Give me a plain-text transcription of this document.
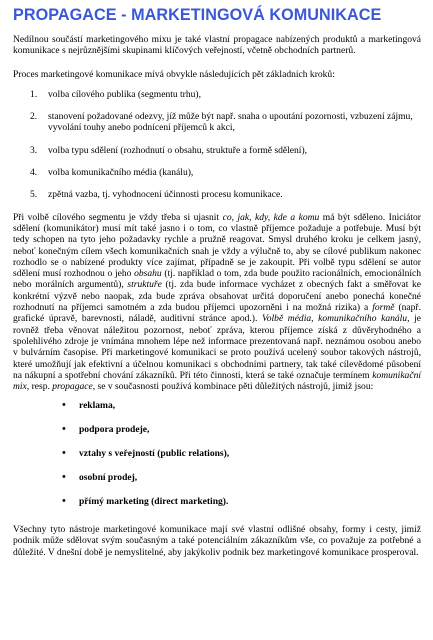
PROPAGACE - MARKETINGOVÁ KOMUNIKACE

Nedílnou součástí marketingového mixu je také vlastní propagace nabízených produktů a marketingová komunikace s nejrůznějšími skupinami klíčových veřejností, včetně obchodních partnerů.

Proces marketingové komunikace mívá obvykle následujících pět základních kroků:

1. volba cílového publika (segmentu trhu),
2. stanovení požadované odezvy, jíž může být např. snaha o upoutání pozornosti, vzbuzení zájmu, vyvolání touhy anebo podnícení příjemců k akci,
3. volba typu sdělení (rozhodnutí o obsahu, struktuře a formě sdělení),
4. volba komunikačního média (kanálu),
5. zpětná vazba, tj. vyhodnocení účinnosti procesu komunikace.

Při volbě cílového segmentu je vždy třeba si ujasnit co, jak, kdy, kde a komu má být sděleno. Iniciátor sdělení (komunikátor) musí mít také jasno i o tom, co vlastně příjemce požaduje a potřebuje. Musí být tedy schopen na tyto jeho požadavky rychle a pružně reagovat. Smysl druhého kroku je celkem jasný, neboť konečným cílem všech komunikačních snah je vždy a výlučně to, aby se cílové publikum nakonec rozhodlo se o nabízené produkty více zajímat, případně se je zakoupit. Při volbě typu sdělení se autor sdělení musí rozhodnou o jeho obsahu (tj. například o tom, zda bude použito racionálních, emocionálních nebo morálních argumentů), struktuře (tj. zda bude informace vycházet z obecných fakt a směřovat ke konkrétní výzvě nebo naopak, zda bude zpráva obsahovat určitá doporučení anebo ponechá konečné rozhodnutí na příjemci samotném a zda budou příjemci upozorněni i na možná rizika) a formě (např. grafické úpravě, barevnosti, náladě, auditivní stránce apod.). Volbě média, komunikačního kanálu, je rovněž třeba věnovat náležitou pozornost, neboť zpráva, kterou příjemce získá z důvěryhodného a spolehlivého zdroje je vnímána mnohem lépe než informace prezentovaná např. neznámou osobou anebo v bulvárním časopise. Při marketingové komunikaci se proto používá ucelený soubor takových nástrojů, které umožňují jak efektivní a účelnou komunikaci s obchodními partnery, tak také cílevědomé působení na nákupní a spotřební chování zákazníků. Při této činnosti, která se také označuje termínem komunikační mix, resp. propagace, se v současnosti používá kombinace pěti důležitých nástrojů, jimiž jsou:

• reklama,
• podpora prodeje,
• vztahy s veřejností (public relations),
• osobní prodej,
• přímý marketing (direct marketing).

Všechny tyto nástroje marketingové komunikace mají své vlastní odlišné obsahy, formy i cesty, jimiž podnik může sdělovat svým současným a také potenciálním zákazníkům vše, co považuje za potřebné a důležité. V dnešní době je nemyslitelné, aby jakýkoliv podnik bez marketingové komunikace prosperoval.
